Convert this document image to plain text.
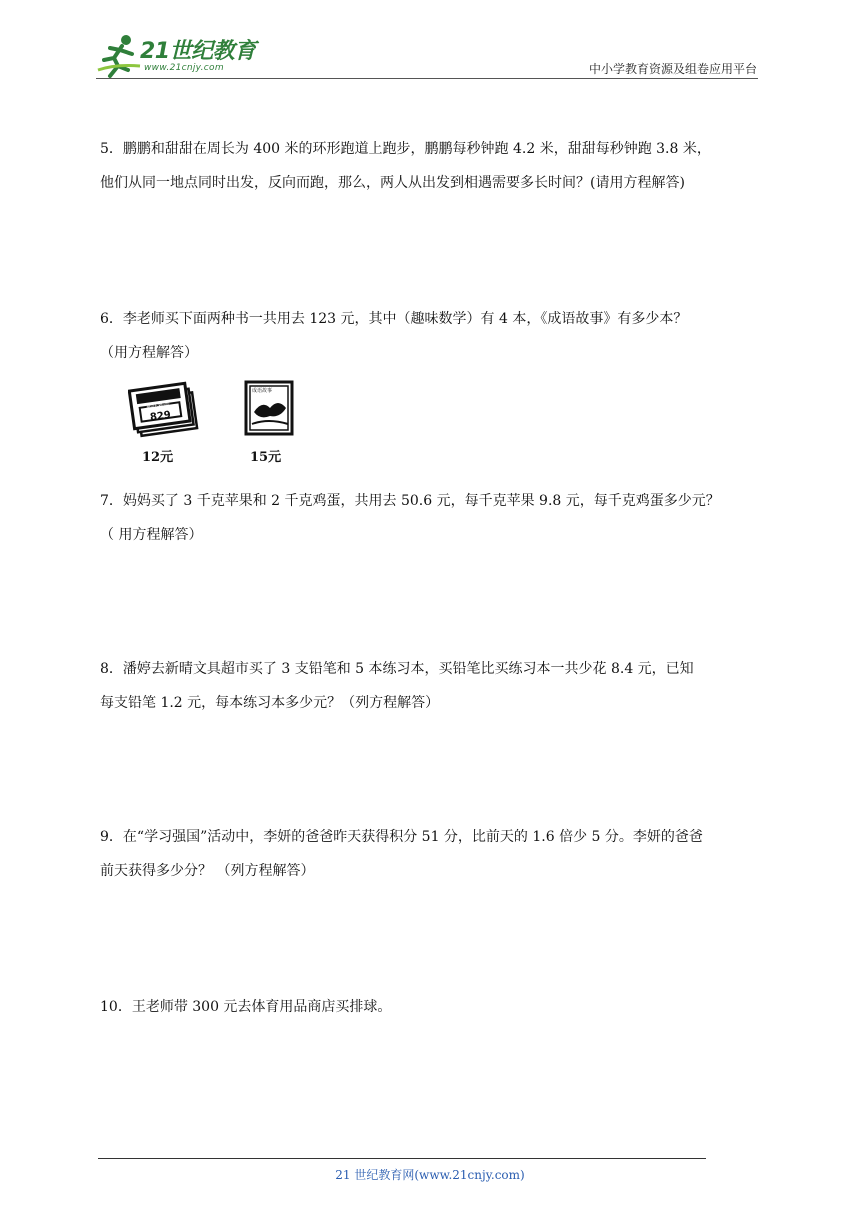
21世纪教育
www.21cnjy.com	中小学教育资源及组卷应用平台

5．鹏鹏和甜甜在周长为 400 米的环形跑道上跑步，鹏鹏每秒钟跑 4.2 米，甜甜每秒钟跑 3.8 米，

他们从同一地点同时出发，反向而跑，那么，两人从出发到相遇需要多长时间？(请用方程解答)

6．李老师买下面两种书一共用去 123 元，其中（趣味数学）有 4 本，《成语故事》有多少本？

（用方程解答）

12元
趣味数学
829
成语故事
15元

7．妈妈买了 3 千克苹果和 2 千克鸡蛋，共用去 50.6 元，每千克苹果 9.8 元，每千克鸡蛋多少元？

（ 用方程解答）

8．潘婷去新晴文具超市买了 3 支铅笔和 5 本练习本，买铅笔比买练习本一共少花 8.4 元，已知

每支铅笔 1.2 元，每本练习本多少元？（列方程解答）

9．在“学习强国”活动中，李妍的爸爸昨天获得积分 51 分，比前天的 1.6 倍少 5 分。李妍的爸爸

前天获得多少分？ （列方程解答）

10．王老师带 300 元去体育用品商店买排球。

21 世纪教育网(www.21cnjy.com)
